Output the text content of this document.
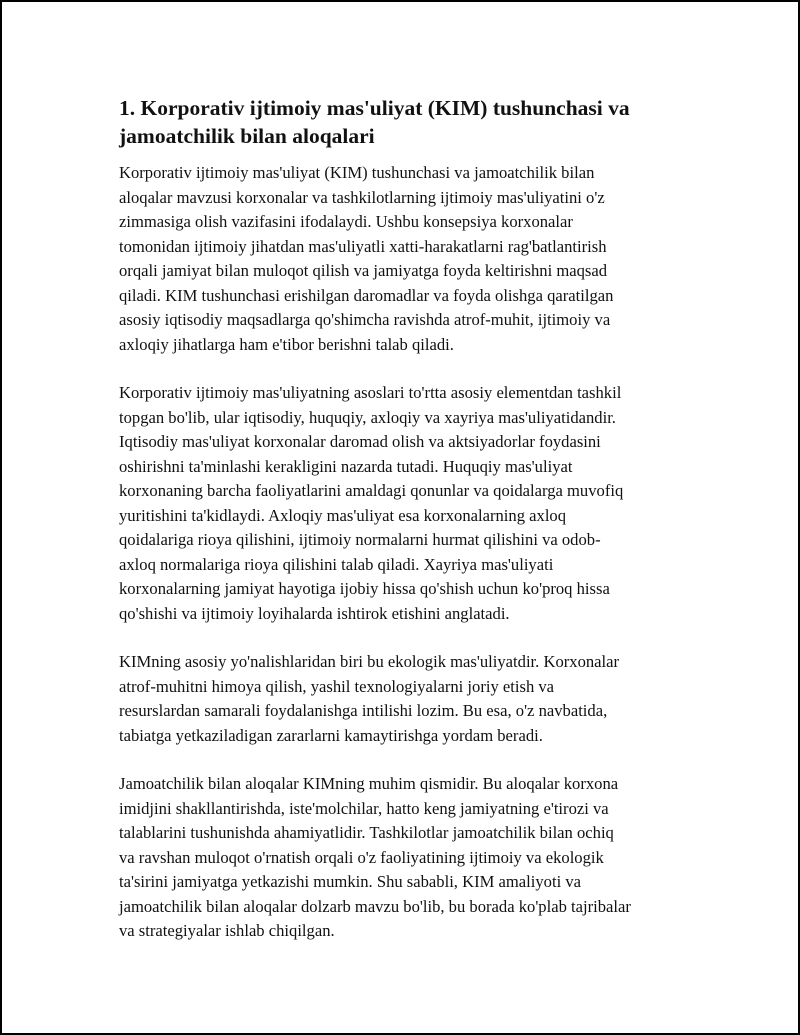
1. Korporativ ijtimoiy mas'uliyat (KIM) tushunchasi va
jamoatchilik bilan aloqalari

Korporativ ijtimoiy mas'uliyat (KIM) tushunchasi va jamoatchilik bilan
aloqalar mavzusi korxonalar va tashkilotlarning ijtimoiy mas'uliyatini o'z
zimmasiga olish vazifasini ifodalaydi. Ushbu konsepsiya korxonalar
tomonidan ijtimoiy jihatdan mas'uliyatli xatti-harakatlarni rag'batlantirish
orqali jamiyat bilan muloqot qilish va jamiyatga foyda keltirishni maqsad
qiladi. KIM tushunchasi erishilgan daromadlar va foyda olishga qaratilgan
asosiy iqtisodiy maqsadlarga qo'shimcha ravishda atrof-muhit, ijtimoiy va
axloqiy jihatlarga ham e'tibor berishni talab qiladi.

Korporativ ijtimoiy mas'uliyatning asoslari to'rtta asosiy elementdan tashkil
topgan bo'lib, ular iqtisodiy, huquqiy, axloqiy va xayriya mas'uliyatidandir.
Iqtisodiy mas'uliyat korxonalar daromad olish va aktsiyadorlar foydasini
oshirishni ta'minlashi kerakligini nazarda tutadi. Huquqiy mas'uliyat
korxonaning barcha faoliyatlarini amaldagi qonunlar va qoidalarga muvofiq
yuritishini ta'kidlaydi. Axloqiy mas'uliyat esa korxonalarning axloq
qoidalariga rioya qilishini, ijtimoiy normalarni hurmat qilishini va odob-
axloq normalariga rioya qilishini talab qiladi. Xayriya mas'uliyati
korxonalarning jamiyat hayotiga ijobiy hissa qo'shish uchun ko'proq hissa
qo'shishi va ijtimoiy loyihalarda ishtirok etishini anglatadi.

KIMning asosiy yo'nalishlaridan biri bu ekologik mas'uliyatdir. Korxonalar
atrof-muhitni himoya qilish, yashil texnologiyalarni joriy etish va
resurslardan samarali foydalanishga intilishi lozim. Bu esa, o'z navbatida,
tabiatga yetkaziladigan zararlarni kamaytirishga yordam beradi.

Jamoatchilik bilan aloqalar KIMning muhim qismidir. Bu aloqalar korxona
imidjini shakllantirishda, iste'molchilar, hatto keng jamiyatning e'tirozi va
talablarini tushunishda ahamiyatlidir. Tashkilotlar jamoatchilik bilan ochiq
va ravshan muloqot o'rnatish orqali o'z faoliyatining ijtimoiy va ekologik
ta'sirini jamiyatga yetkazishi mumkin. Shu sababli, KIM amaliyoti va
jamoatchilik bilan aloqalar dolzarb mavzu bo'lib, bu borada ko'plab tajribalar
va strategiyalar ishlab chiqilgan.
